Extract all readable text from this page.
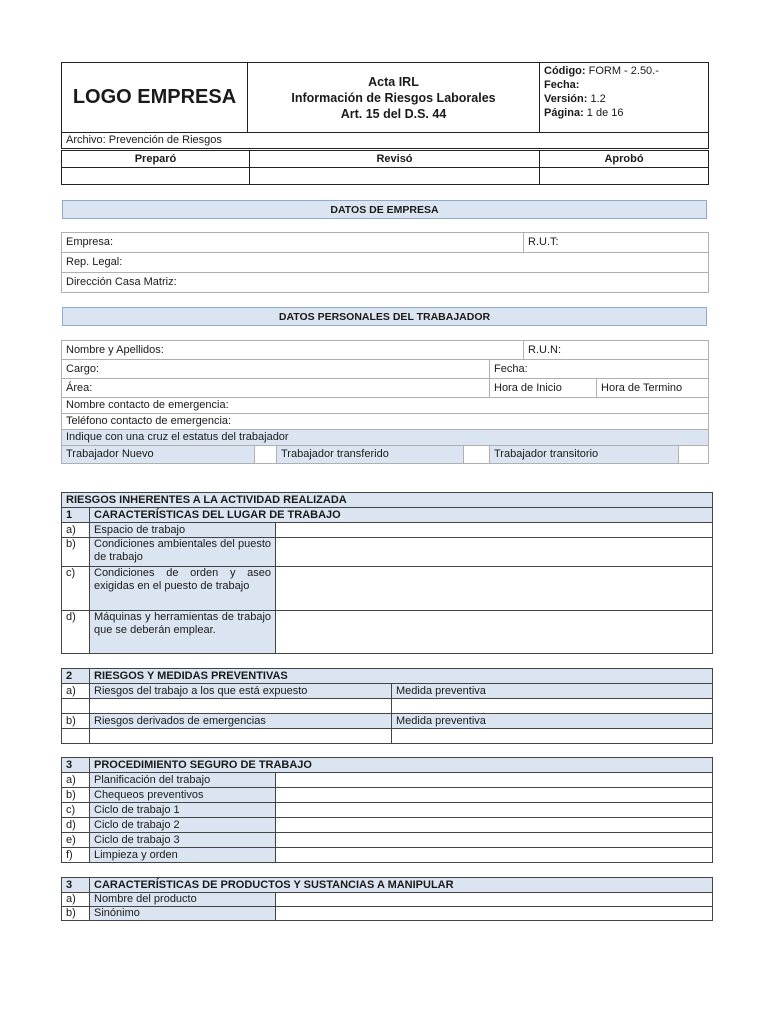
LOGO EMPRESA	
Acta IRL
Información de Riesgos Laborales
Art. 15 del D.S. 44

Código: FORM - 2.50.-
Fecha:
Versión: 1.2
Página: 1 de 16

Archivo: Prevención de Riesgos
Preparó	Revisó	Aprobó

DATOS DE EMPRESA
Empresa:	R.U.T:
Rep. Legal:
Dirección Casa Matriz:
DATOS PERSONALES DEL TRABAJADOR
Nombre y Apellidos:					R.U.N:		
Cargo:				Fecha:			
Área:				Hora de Inicio		Hora de Termino	
Nombre contacto de emergencia:							
Teléfono contacto de emergencia:							
Indique con una cruz el estatus del trabajador							
Trabajador Nuevo		Trabajador transferido		Trabajador transitorio			
RIESGOS INHERENTES A LA ACTIVIDAD REALIZADA		
1	CARACTERÍSTICAS DEL LUGAR DE TRABAJO	
a)	Espacio de trabajo	
b)	Condiciones ambientales del puesto de trabajo	
c)	Condiciones de orden y aseo exigidas en el puesto de trabajo	
d)	Máquinas y herramientas de trabajo que se deberán emplear.	
2	RIESGOS Y MEDIDAS PREVENTIVAS	
a)	Riesgos del trabajo a los que está expuesto	Medida preventiva

b)	Riesgos derivados de emergencias	Medida preventiva

3	PROCEDIMIENTO SEGURO DE TRABAJO	
a)	Planificación del trabajo	
b)	Chequeos preventivos	
c)	Ciclo de trabajo 1	
d)	Ciclo de trabajo 2	
e)	Ciclo de trabajo 3	
f)	Limpieza y orden	
3	CARACTERÍSTICAS DE PRODUCTOS Y SUSTANCIAS A MANIPULAR	
a)	Nombre del producto	
b)	Sinónimo	
